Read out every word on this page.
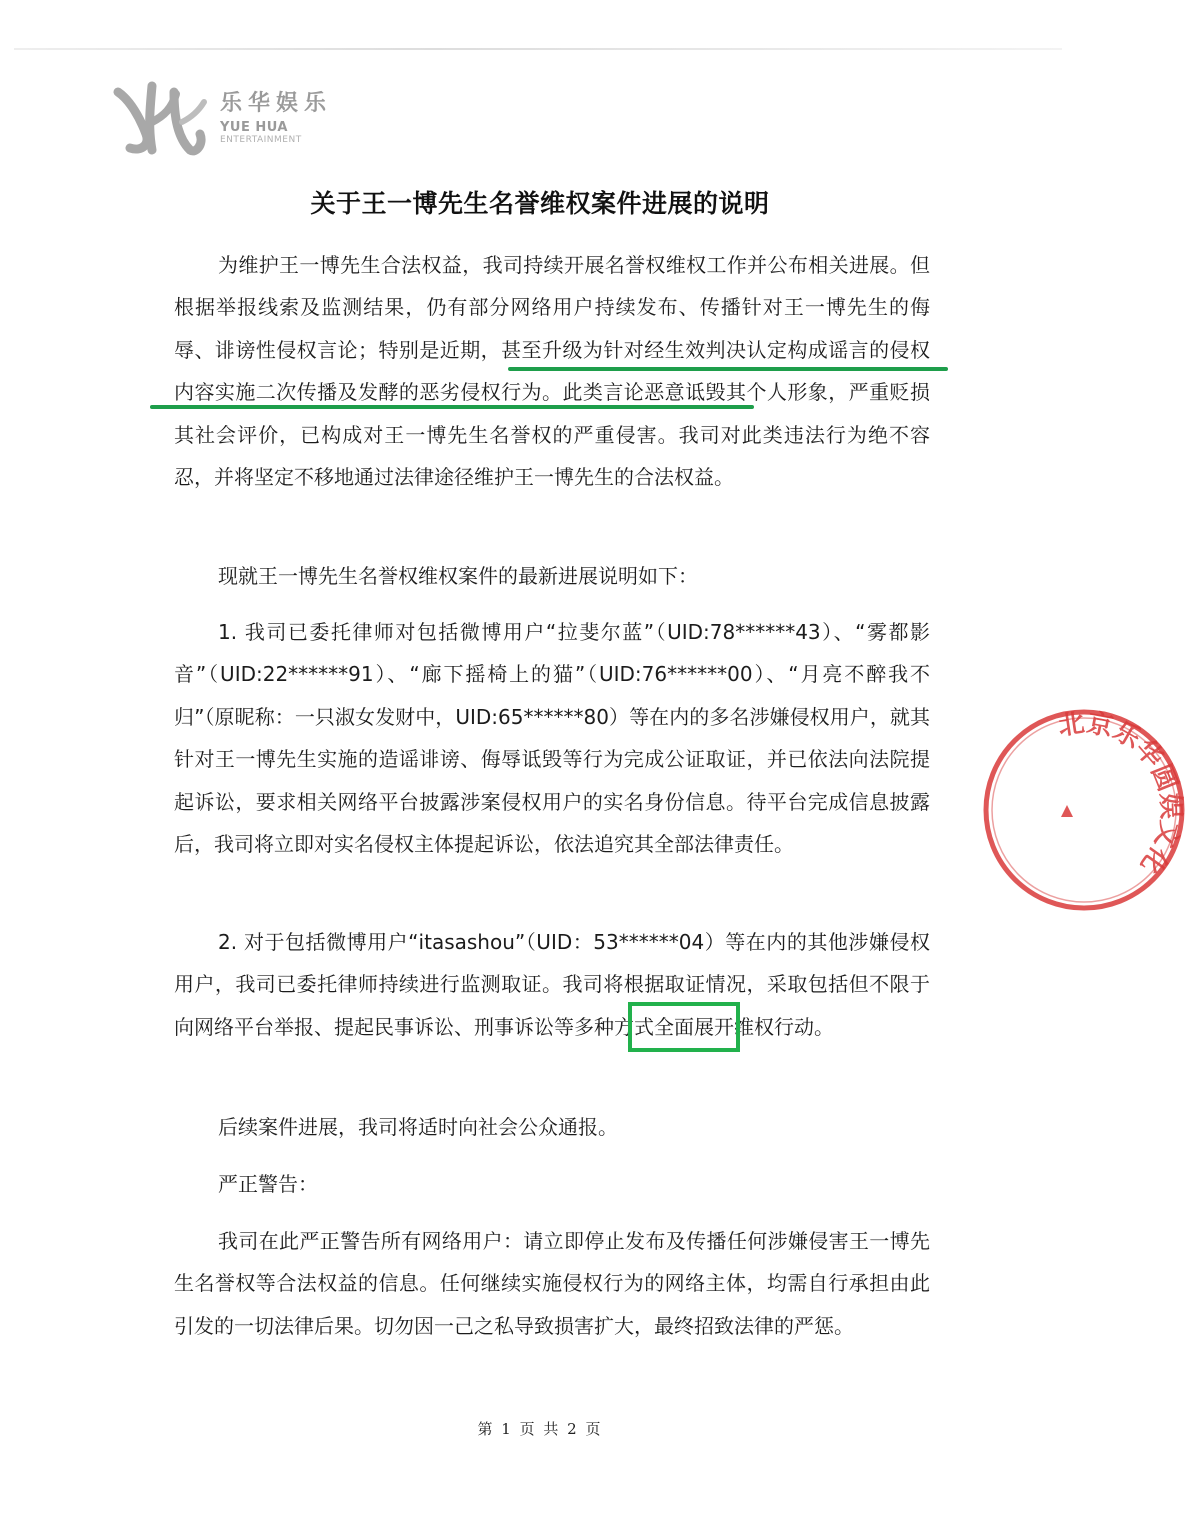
乐华娱乐
YUE HUA
ENTERTAINMENT
关于王一博先生名誉维权案件进展的说明
为维护王一博先生合法权益，我司持续开展名誉权维权工作并公布相关进展。但根据举报线索及监测结果，仍有部分网络用户持续发布、传播针对王一博先生的侮辱、诽谤性侵权言论；特别是近期，甚至升级为针对经生效判决认定构成谣言的侵权内容实施二次传播及发酵的恶劣侵权行为。此类言论恶意诋毁其个人形象，严重贬损其社会评价，已构成对王一博先生名誉权的严重侵害。我司对此类违法行为绝不容忍，并将坚定不移地通过法律途径维护王一博先生的合法权益。
现就王一博先生名誉权维权案件的最新进展说明如下：
1. 我司已委托律师对包括微博用户“拉斐尔蓝”（UID:78******43）、“雾都影音”（UID:22******91）、“廊下摇椅上的猫”（UID:76******00）、“月亮不醉我不归”（原昵称：一只淑女发财中，UID:65******80）等在内的多名涉嫌侵权用户，就其针对王一博先生实施的造谣诽谤、侮辱诋毁等行为完成公证取证，并已依法向法院提起诉讼，要求相关网络平台披露涉案侵权用户的实名身份信息。待平台完成信息披露后，我司将立即对实名侵权主体提起诉讼，依法追究其全部法律责任。
2. 对于包括微博用户“itasashou”（UID：53******04）等在内的其他涉嫌侵权用户，我司已委托律师持续进行监测取证。我司将根据取证情况，采取包括但不限于向网络平台举报、提起民事诉讼、刑事诉讼等多种方式全面展开维权行动。
后续案件进展，我司将适时向社会公众通报。
严正警告：
我司在此严正警告所有网络用户：请立即停止发布及传播任何涉嫌侵害王一博先生名誉权等合法权益的信息。任何继续实施侵权行为的网络主体，均需自行承担由此引发的一切法律后果。切勿因一己之私导致损害扩大，最终招致法律的严惩。
第 1 页 共 2 页
北京乐华圆娱文化
